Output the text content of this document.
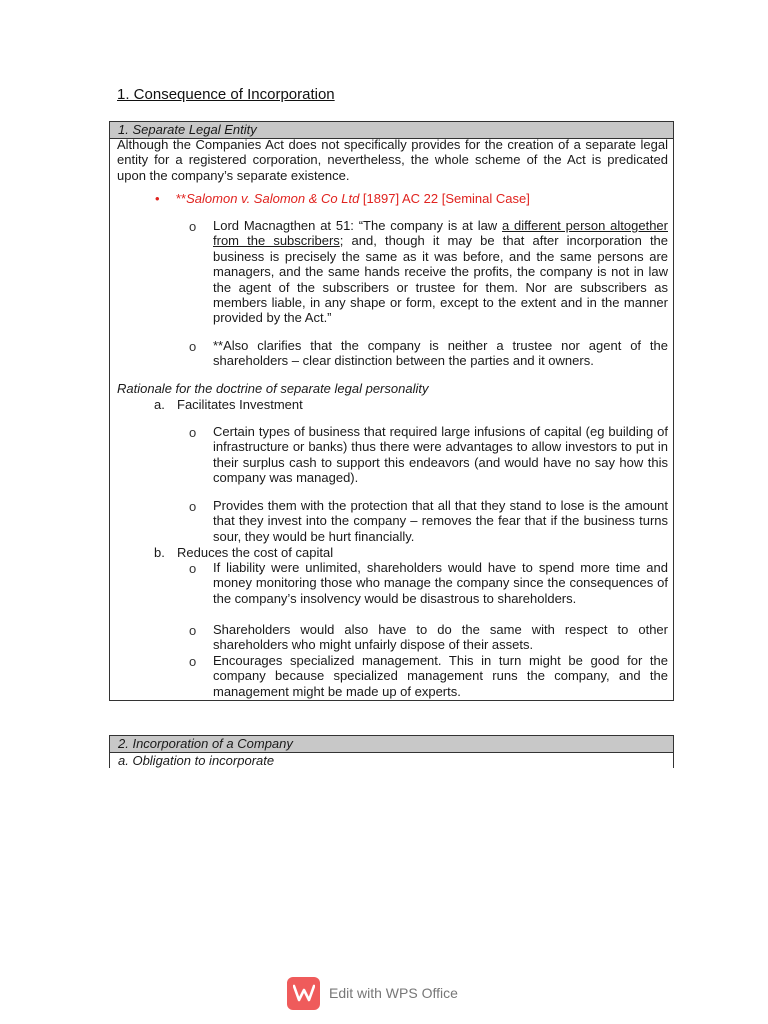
1. Consequence of Incorporation
1. Separate Legal Entity

Although the Companies Act does not specifically provides for the creation of a separate legal entity for a registered corporation, nevertheless, the whole scheme of the Act is predicated upon the company’s separate existence.

• **Salomon v. Salomon & Co Ltd [1897] AC 22 [Seminal Case]
o Lord Macnagthen at 51: “The company is at law a different person altogether from the subscribers; and, though it may be that after incorporation the business is precisely the same as it was before, and the same persons are managers, and the same hands receive the profits, the company is not in law the agent of the subscribers or trustee for them. Nor are subscribers as members liable, in any shape or form, except to the extent and in the manner provided by the Act.”

o **Also clarifies that the company is neither a trustee nor agent of the shareholders – clear distinction between the parties and it owners.

Rationale for the doctrine of separate legal personality
a. Facilitates Investment
o Certain types of business that required large infusions of capital (eg building of infrastructure or banks) thus there were advantages to allow investors to put in their surplus cash to support this endeavors (and would have no say how this company was managed).

o Provides them with the protection that all that they stand to lose is the amount that they invest into the company – removes the fear that if the business turns sour, they would be hurt financially.

b. Reduces the cost of capital
o If liability were unlimited, shareholders would have to spend more time and money monitoring those who manage the company since the consequences of the company’s insolvency would be disastrous to shareholders.

o Shareholders would also have to do the same with respect to other shareholders who might unfairly dispose of their assets.

o Encourages specialized management. This in turn might be good for the company because specialized management runs the company, and the management might be made up of experts.

2. Incorporation of a Company
a. Obligation to incorporate
Edit with WPS Office
